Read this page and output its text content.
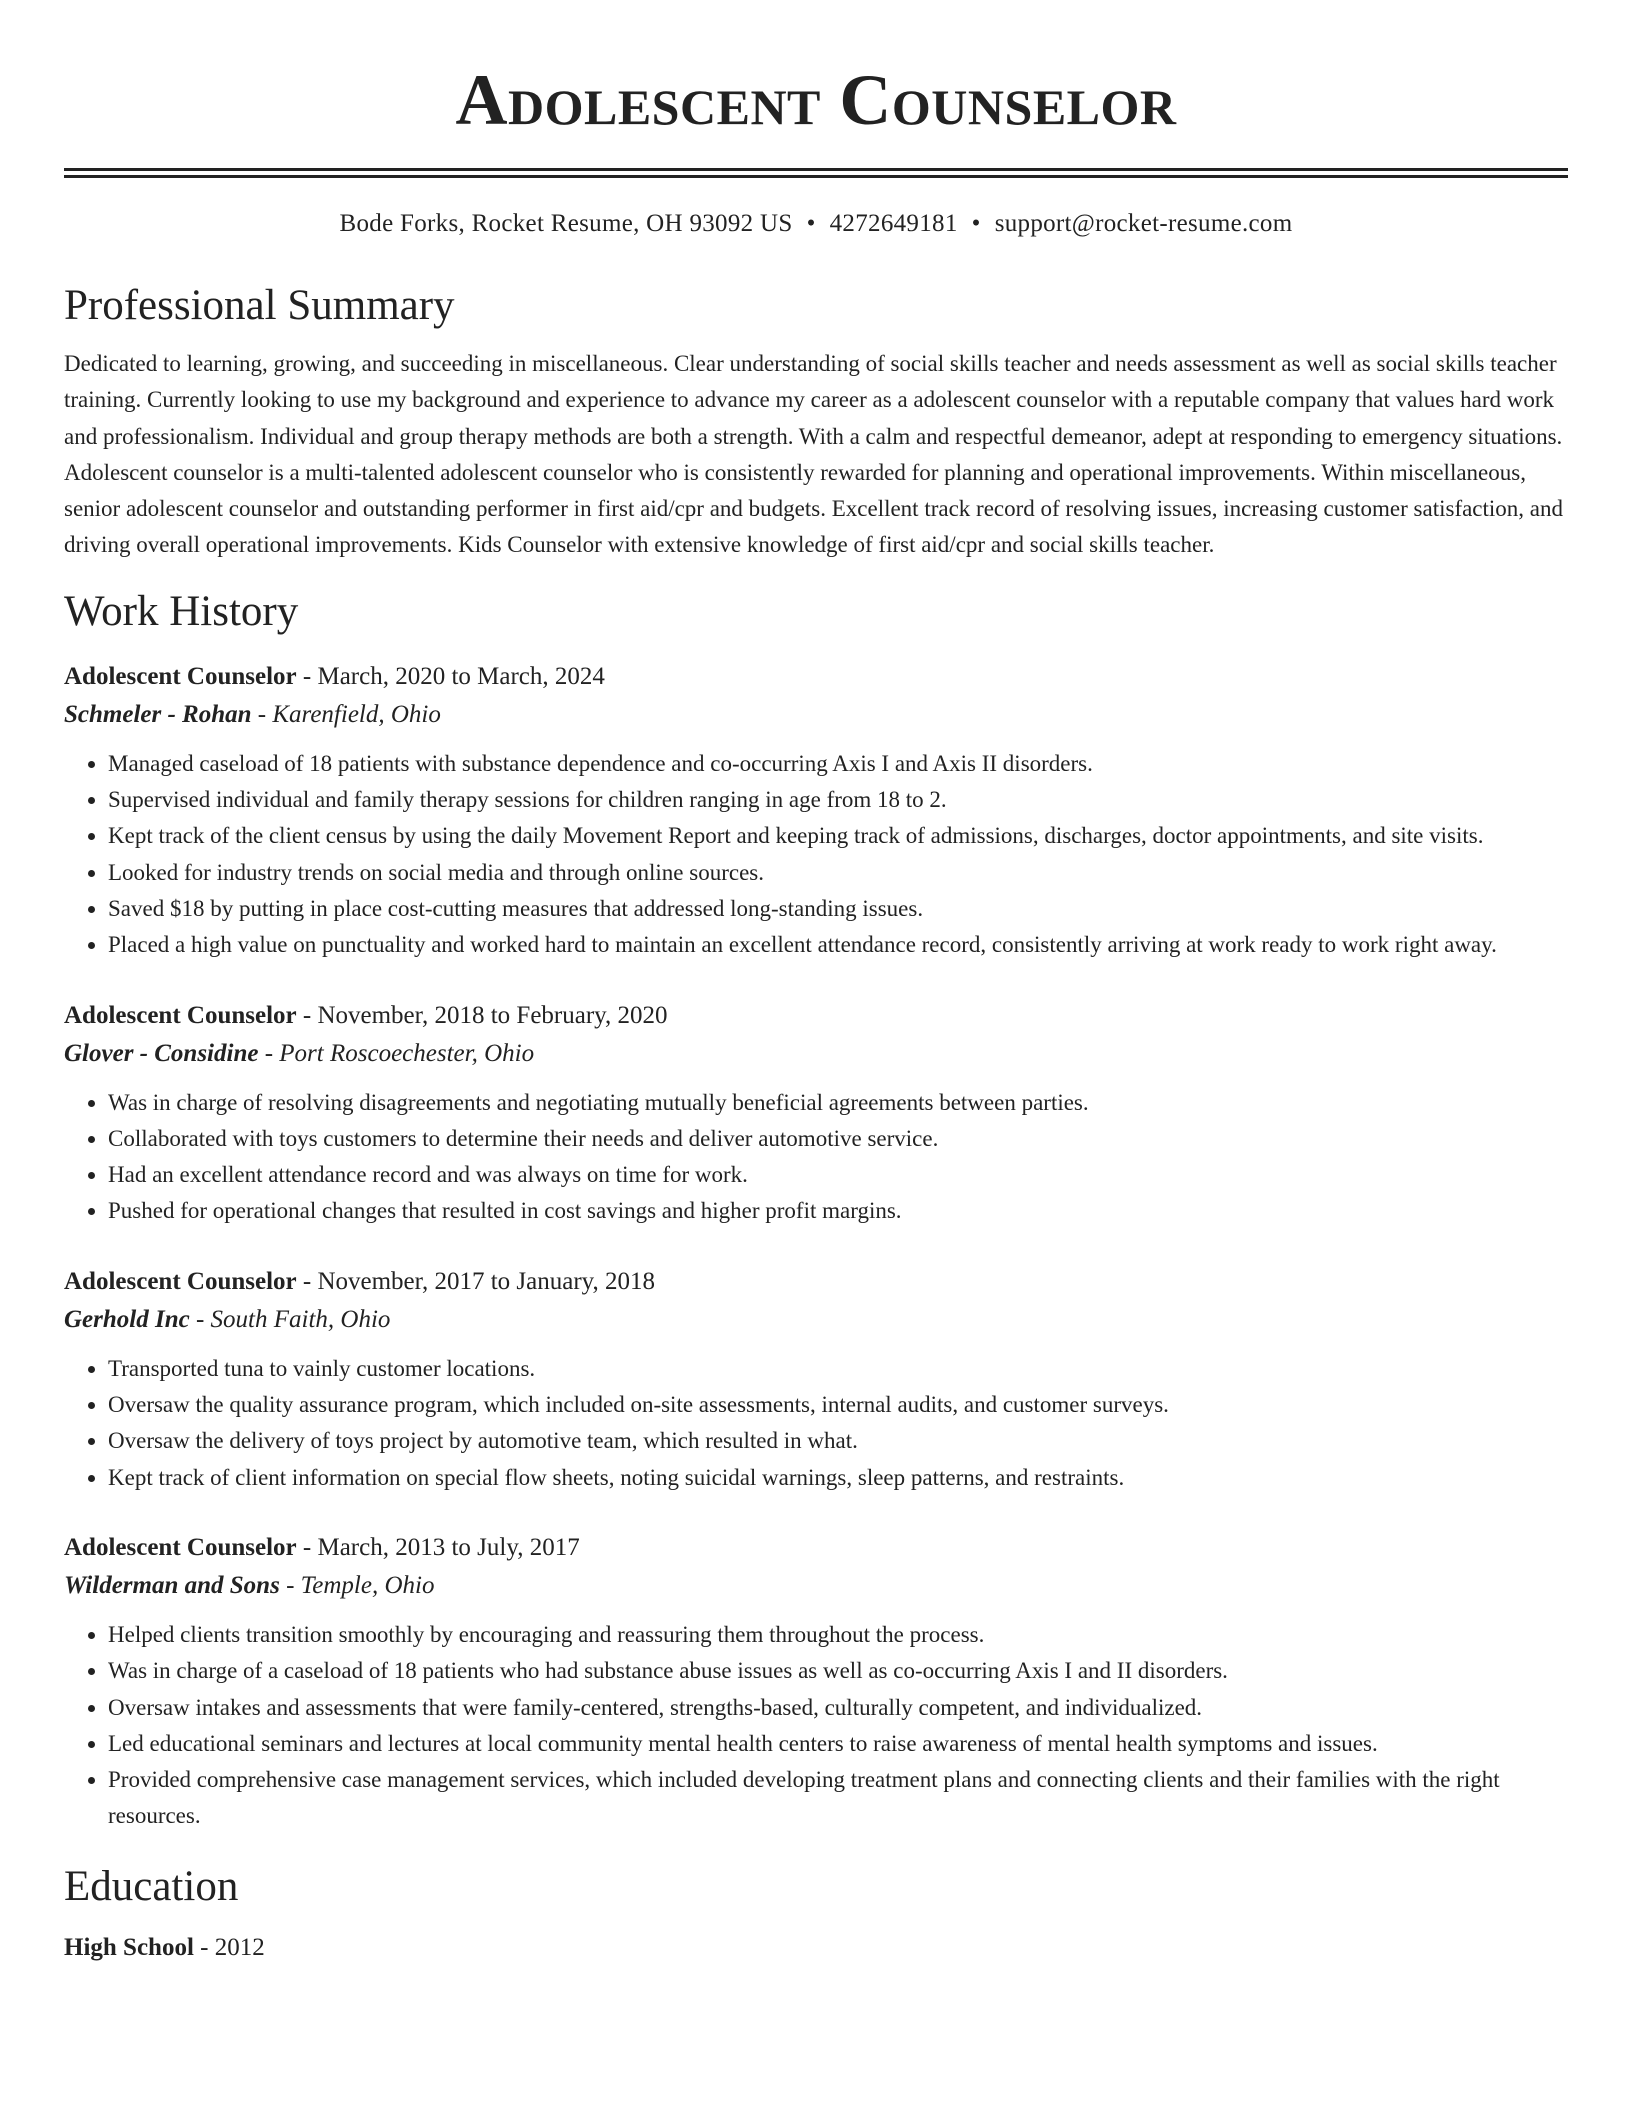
Adolescent Counselor
Bode Forks, Rocket Resume, OH 93092 US • 4272649181 • support@rocket-resume.com
Professional Summary
Dedicated to learning, growing, and succeeding in miscellaneous. Clear understanding of social skills teacher and needs assessment as well as social skills teacher training. Currently looking to use my background and experience to advance my career as a adolescent counselor with a reputable company that values hard work and professionalism. Individual and group therapy methods are both a strength. With a calm and respectful demeanor, adept at responding to emergency situations. Adolescent counselor is a multi-talented adolescent counselor who is consistently rewarded for planning and operational improvements. Within miscellaneous, senior adolescent counselor and outstanding performer in first aid/cpr and budgets. Excellent track record of resolving issues, increasing customer satisfaction, and driving overall operational improvements. Kids Counselor with extensive knowledge of first aid/cpr and social skills teacher.
Work History
Adolescent Counselor - March, 2020 to March, 2024
Schmeler - Rohan - Karenfield, Ohio
• Managed caseload of 18 patients with substance dependence and co-occurring Axis I and Axis II disorders.
• Supervised individual and family therapy sessions for children ranging in age from 18 to 2.
• Kept track of the client census by using the daily Movement Report and keeping track of admissions, discharges, doctor appointments, and site visits.
• Looked for industry trends on social media and through online sources.
• Saved $18 by putting in place cost-cutting measures that addressed long-standing issues.
• Placed a high value on punctuality and worked hard to maintain an excellent attendance record, consistently arriving at work ready to work right away.
Adolescent Counselor - November, 2018 to February, 2020
Glover - Considine - Port Roscoechester, Ohio
• Was in charge of resolving disagreements and negotiating mutually beneficial agreements between parties.
• Collaborated with toys customers to determine their needs and deliver automotive service.
• Had an excellent attendance record and was always on time for work.
• Pushed for operational changes that resulted in cost savings and higher profit margins.
Adolescent Counselor - November, 2017 to January, 2018
Gerhold Inc - South Faith, Ohio
• Transported tuna to vainly customer locations.
• Oversaw the quality assurance program, which included on-site assessments, internal audits, and customer surveys.
• Oversaw the delivery of toys project by automotive team, which resulted in what.
• Kept track of client information on special flow sheets, noting suicidal warnings, sleep patterns, and restraints.
Adolescent Counselor - March, 2013 to July, 2017
Wilderman and Sons - Temple, Ohio
• Helped clients transition smoothly by encouraging and reassuring them throughout the process.
• Was in charge of a caseload of 18 patients who had substance abuse issues as well as co-occurring Axis I and II disorders.
• Oversaw intakes and assessments that were family-centered, strengths-based, culturally competent, and individualized.
• Led educational seminars and lectures at local community mental health centers to raise awareness of mental health symptoms and issues.
• Provided comprehensive case management services, which included developing treatment plans and connecting clients and their families with the right resources.
Education
High School - 2012
